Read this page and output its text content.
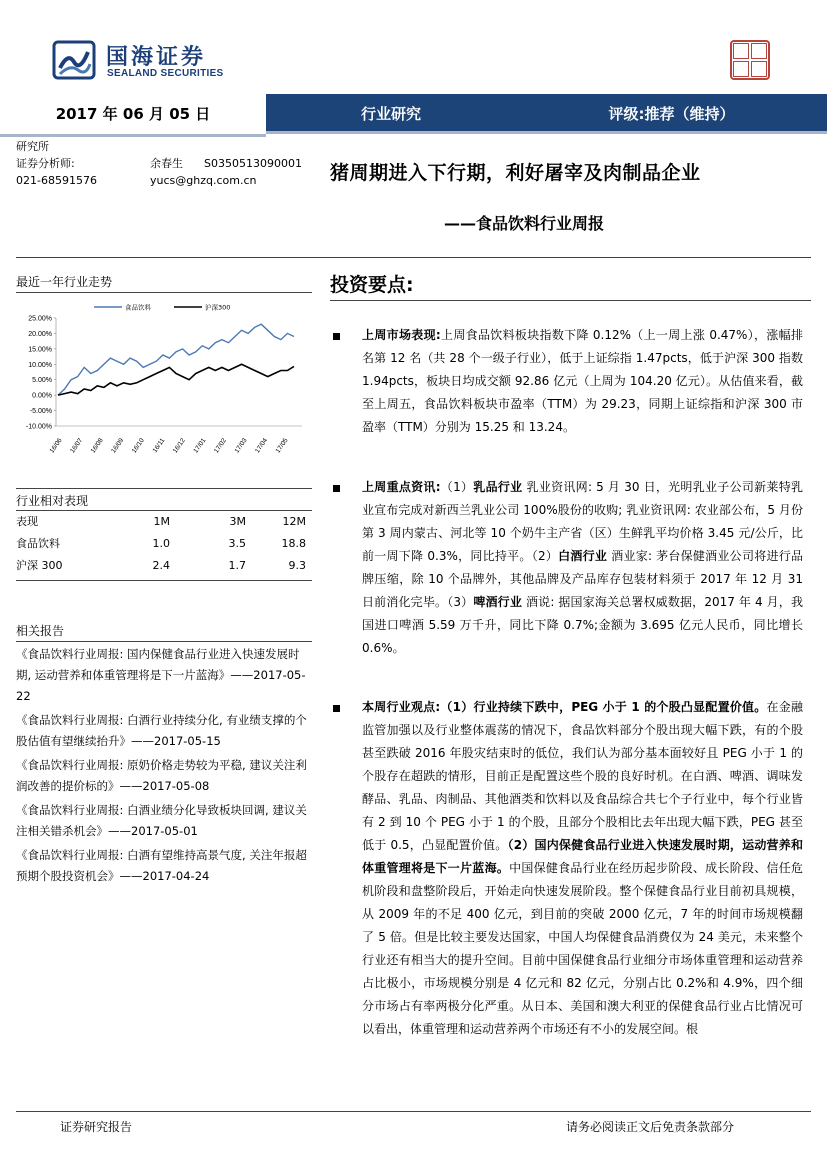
国海证券
SEALAND SECURITIES
2017 年 06 月 05 日	行业研究	评级:推荐（维持）
研究所
证券分析师:	余春生 S0350513090001
021-68591576	yucs@ghzq.com.cn	猪周期进入下行期，利好屠宰及肉制品企业
——食品饮料行业周报
最近一年行业走势
25.00%
20.00%
15.00%
10.00%
5.00%
0.00%
-5.00%
-10.00%
16/06 16/07 16/08 16/09 16/10 16/11 16/12 17/01 17/02 17/03 17/04 17/05
食品饮料	沪深300
行业相对表现
表现	1M	3M	12M
食品饮料	1.0	3.5	18.8
沪深 300	2.4	1.7	9.3
相关报告
《食品饮料行业周报: 国内保健食品行业进入快速发展时期, 运动营养和体重管理将是下一片蓝海》——2017-05-22
《食品饮料行业周报: 白酒行业持续分化, 有业绩支撑的个股估值有望继续抬升》——2017-05-15
《食品饮料行业周报: 原奶价格走势较为平稳, 建议关注利润改善的提价标的》——2017-05-08
《食品饮料行业周报: 白酒业绩分化导致板块回调, 建议关注相关错杀机会》——2017-05-01
《食品饮料行业周报: 白酒有望维持高景气度, 关注年报超预期个股投资机会》——2017-04-24
投资要点:
上周市场表现:上周食品饮料板块指数下降 0.12%（上一周上涨 0.47%），涨幅排名第 12 名（共 28 个一级子行业），低于上证综指 1.47pcts，低于沪深 300 指数 1.94pcts，板块日均成交额 92.86 亿元（上周为 104.20 亿元）。从估值来看，截至上周五，食品饮料板块市盈率（TTM）为 29.23，同期上证综指和沪深 300 市盈率（TTM）分别为 15.25 和 13.24。
上周重点资讯:（1）乳品行业 乳业资讯网: 5 月 30 日，光明乳业子公司新莱特乳业宣布完成对新西兰乳业公司 100%股份的收购; 乳业资讯网: 农业部公布，5 月份第 3 周内蒙古、河北等 10 个奶牛主产省（区）生鲜乳平均价格 3.45 元/公斤，比前一周下降 0.3%，同比持平。（2）白酒行业 酒业家: 茅台保健酒业公司将进行品牌压缩，除 10 个品牌外，其他品牌及产品库存包装材料须于 2017 年 12 月 31 日前消化完毕。（3）啤酒行业 酒说: 据国家海关总署权威数据，2017 年 4 月，我国进口啤酒 5.59 万千升，同比下降 0.7%;金额为 3.695 亿元人民币，同比增长 0.6%。
本周行业观点:（1）行业持续下跌中，PEG 小于 1 的个股凸显配置价值。在金融监管加强以及行业整体震荡的情况下，食品饮料部分个股出现大幅下跌，有的个股甚至跌破 2016 年股灾结束时的低位，我们认为部分基本面较好且 PEG 小于 1 的个股存在超跌的情形，目前正是配置这些个股的良好时机。在白酒、啤酒、调味发酵品、乳品、肉制品、其他酒类和饮料以及食品综合共七个子行业中，每个行业皆有 2 到 10 个 PEG 小于 1 的个股，且部分个股相比去年出现大幅下跌，PEG 甚至低于 0.5，凸显配置价值。（2）国内保健食品行业进入快速发展时期，运动营养和体重管理将是下一片蓝海。中国保健食品行业在经历起步阶段、成长阶段、信任危机阶段和盘整阶段后，开始走向快速发展阶段。整个保健食品行业目前初具规模，从 2009 年的不足 400 亿元，到目前的突破 2000 亿元，7 年的时间市场规模翻了 5 倍。但是比较主要发达国家，中国人均保健食品消费仅为 24 美元，未来整个行业还有相当大的提升空间。目前中国保健食品行业细分市场体重管理和运动营养占比极小，市场规模分别是 4 亿元和 82 亿元，分别占比 0.2%和 4.9%，四个细分市场占有率两极分化严重。从日本、美国和澳大利亚的保健食品行业占比情况可以看出，体重管理和运动营养两个市场还有不小的发展空间。根
证券研究报告	请务必阅读正文后免责条款部分
